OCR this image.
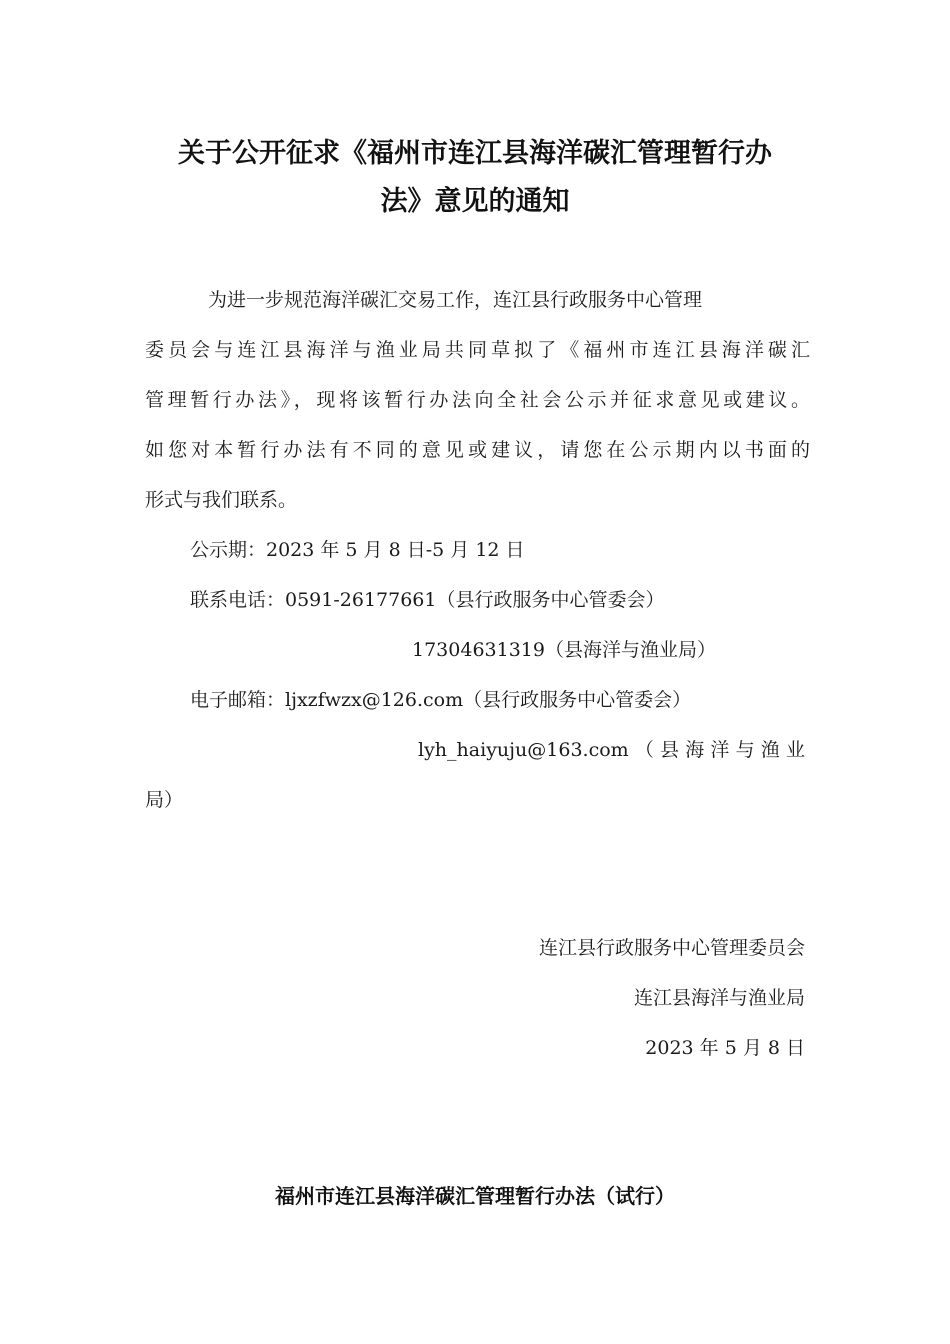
关于公开征求《福州市连江县海洋碳汇管理暂行办
法》意见的通知
为进一步规范海洋碳汇交易工作，连江县行政服务中心管理
委员会与连江县海洋与渔业局共同草拟了《福州市连江县海洋碳汇
管理暂行办法》，现将该暂行办法向全社会公示并征求意见或建议。
如您对本暂行办法有不同的意见或建议，请您在公示期内以书面的
形式与我们联系。
公示期：2023 年 5 月 8 日-5 月 12 日
联系电话：0591-26177661（县行政服务中心管委会）
17304631319（县海洋与渔业局）
电子邮箱：ljxzfwzx@126.com（县行政服务中心管委会）
lyh_haiyuju@163.com（县海洋与渔业
局）
连江县行政服务中心管理委员会
连江县海洋与渔业局
2023 年 5 月 8 日
福州市连江县海洋碳汇管理暂行办法（试行）
